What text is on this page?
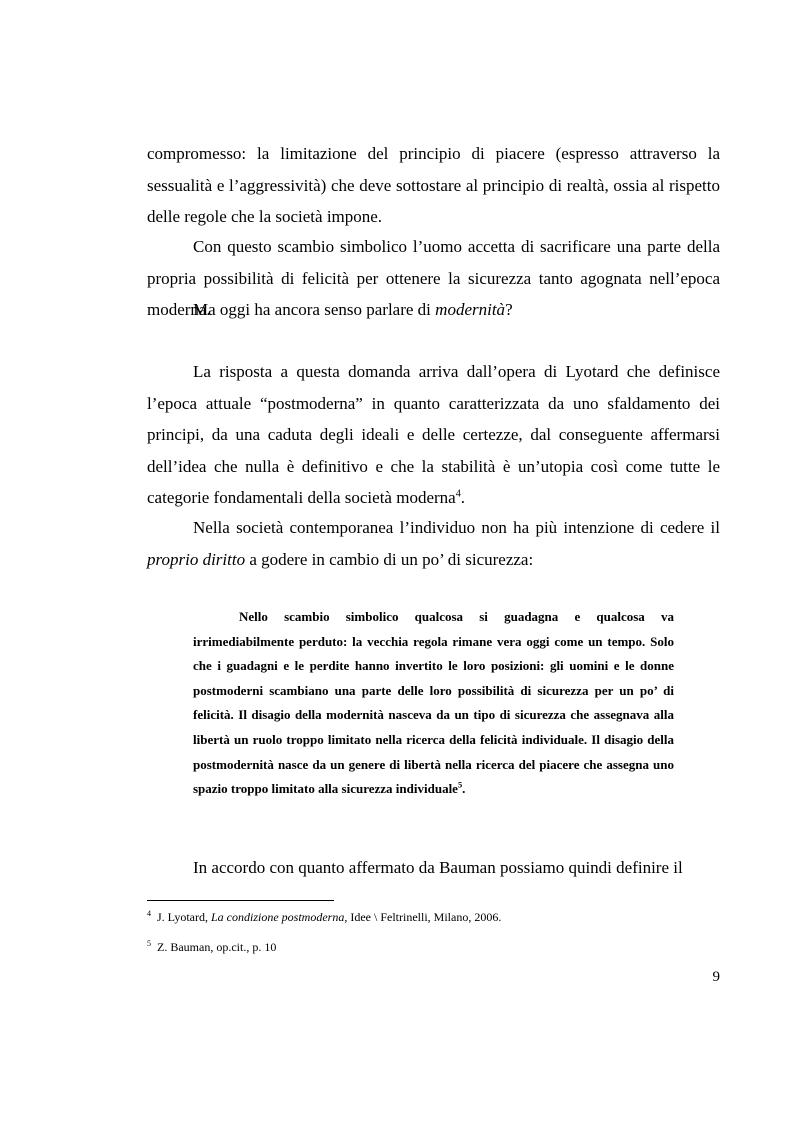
compromesso: la limitazione del principio di piacere (espresso attraverso la sessualità e l’aggressività) che deve sottostare al principio di realtà, ossia al rispetto delle regole che la società impone.

Con questo scambio simbolico l’uomo accetta di sacrificare una parte della propria possibilità di felicità per ottenere la sicurezza tanto agognata nell’epoca moderna.

Ma oggi ha ancora senso parlare di modernità?

La risposta a questa domanda arriva dall’opera di Lyotard che definisce l’epoca attuale “postmoderna” in quanto caratterizzata da uno sfaldamento dei principi, da una caduta degli ideali e delle certezze, dal conseguente affermarsi dell’idea che nulla è definitivo e che la stabilità è un’utopia così come tutte le categorie fondamentali della società moderna$^4$.

Nella società contemporanea l’individuo non ha più intenzione di cedere il proprio diritto a godere in cambio di un po’ di sicurezza:

Nello scambio simbolico qualcosa si guadagna e qualcosa va irrimediabilmente perduto: la vecchia regola rimane vera oggi come un tempo. Solo che i guadagni e le perdite hanno invertito le loro posizioni: gli uomini e le donne postmoderni scambiano una parte delle loro possibilità di sicurezza per un po’ di felicità. Il disagio della modernità nasceva da un tipo di sicurezza che assegnava alla libertà un ruolo troppo limitato nella ricerca della felicità individuale. Il disagio della postmodernità nasce da un genere di libertà nella ricerca del piacere che assegna uno spazio troppo limitato alla sicurezza individuale$^5$.

In accordo con quanto affermato da Bauman possiamo quindi definire il

$^4$ J. Lyotard, La condizione postmoderna, Idee \ Feltrinelli, Milano, 2006.
$^5$ Z. Bauman, op.cit., p. 10
9
